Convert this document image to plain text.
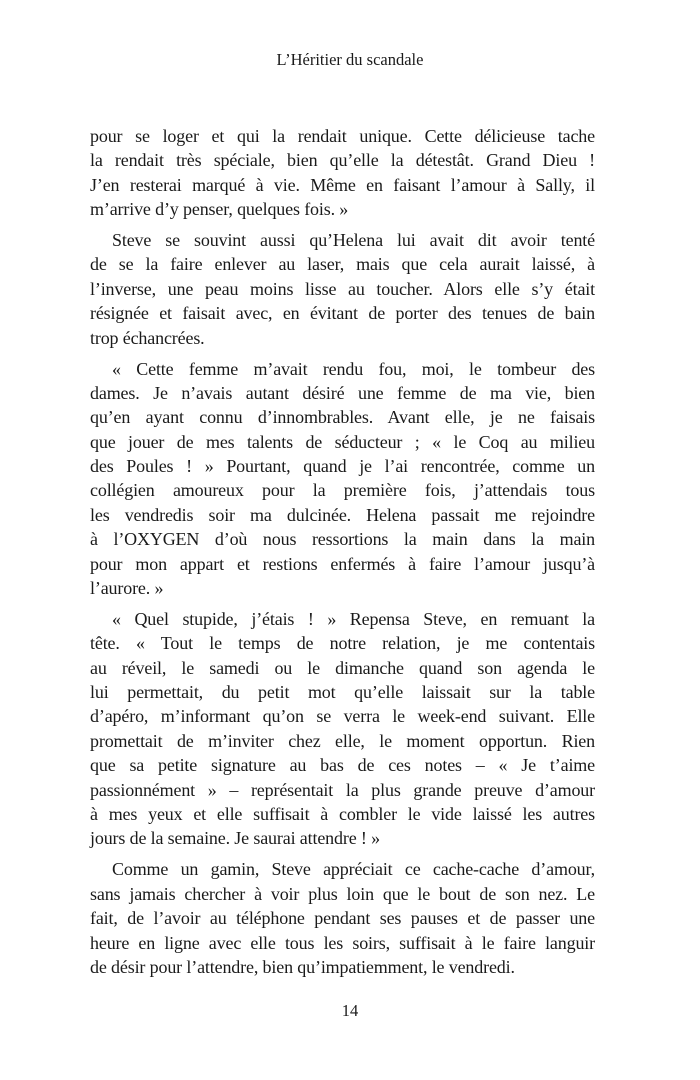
L’Héritier du scandale
pour se loger et qui la rendait unique. Cette délicieuse tache
la rendait très spéciale, bien qu’elle la détestât. Grand Dieu !
J’en resterai marqué à vie. Même en faisant l’amour à Sally, il
m’arrive d’y penser, quelques fois. »
Steve se souvint aussi qu’Helena lui avait dit avoir tenté
de se la faire enlever au laser, mais que cela aurait laissé, à
l’inverse, une peau moins lisse au toucher. Alors elle s’y était
résignée et faisait avec, en évitant de porter des tenues de bain
trop échancrées.
« Cette femme m’avait rendu fou, moi, le tombeur des
dames. Je n’avais autant désiré une femme de ma vie, bien
qu’en ayant connu d’innombrables. Avant elle, je ne faisais
que jouer de mes talents de séducteur ; « le Coq au milieu
des Poules ! » Pourtant, quand je l’ai rencontrée, comme un
collégien amoureux pour la première fois, j’attendais tous
les vendredis soir ma dulcinée. Helena passait me rejoindre
à l’OXYGEN d’où nous ressortions la main dans la main
pour mon appart et restions enfermés à faire l’amour jusqu’à
l’aurore. »
« Quel stupide, j’étais ! » Repensa Steve, en remuant la
tête. « Tout le temps de notre relation, je me contentais
au réveil, le samedi ou le dimanche quand son agenda le
lui permettait, du petit mot qu’elle laissait sur la table
d’apéro, m’informant qu’on se verra le week-end suivant. Elle
promettait de m’inviter chez elle, le moment opportun. Rien
que sa petite signature au bas de ces notes – « Je t’aime
passionnément » – représentait la plus grande preuve d’amour
à mes yeux et elle suffisait à combler le vide laissé les autres
jours de la semaine. Je saurai attendre ! »
Comme un gamin, Steve appréciait ce cache-cache d’amour,
sans jamais chercher à voir plus loin que le bout de son nez. Le
fait, de l’avoir au téléphone pendant ses pauses et de passer une
heure en ligne avec elle tous les soirs, suffisait à le faire languir
de désir pour l’attendre, bien qu’impatiemment, le vendredi.
14
